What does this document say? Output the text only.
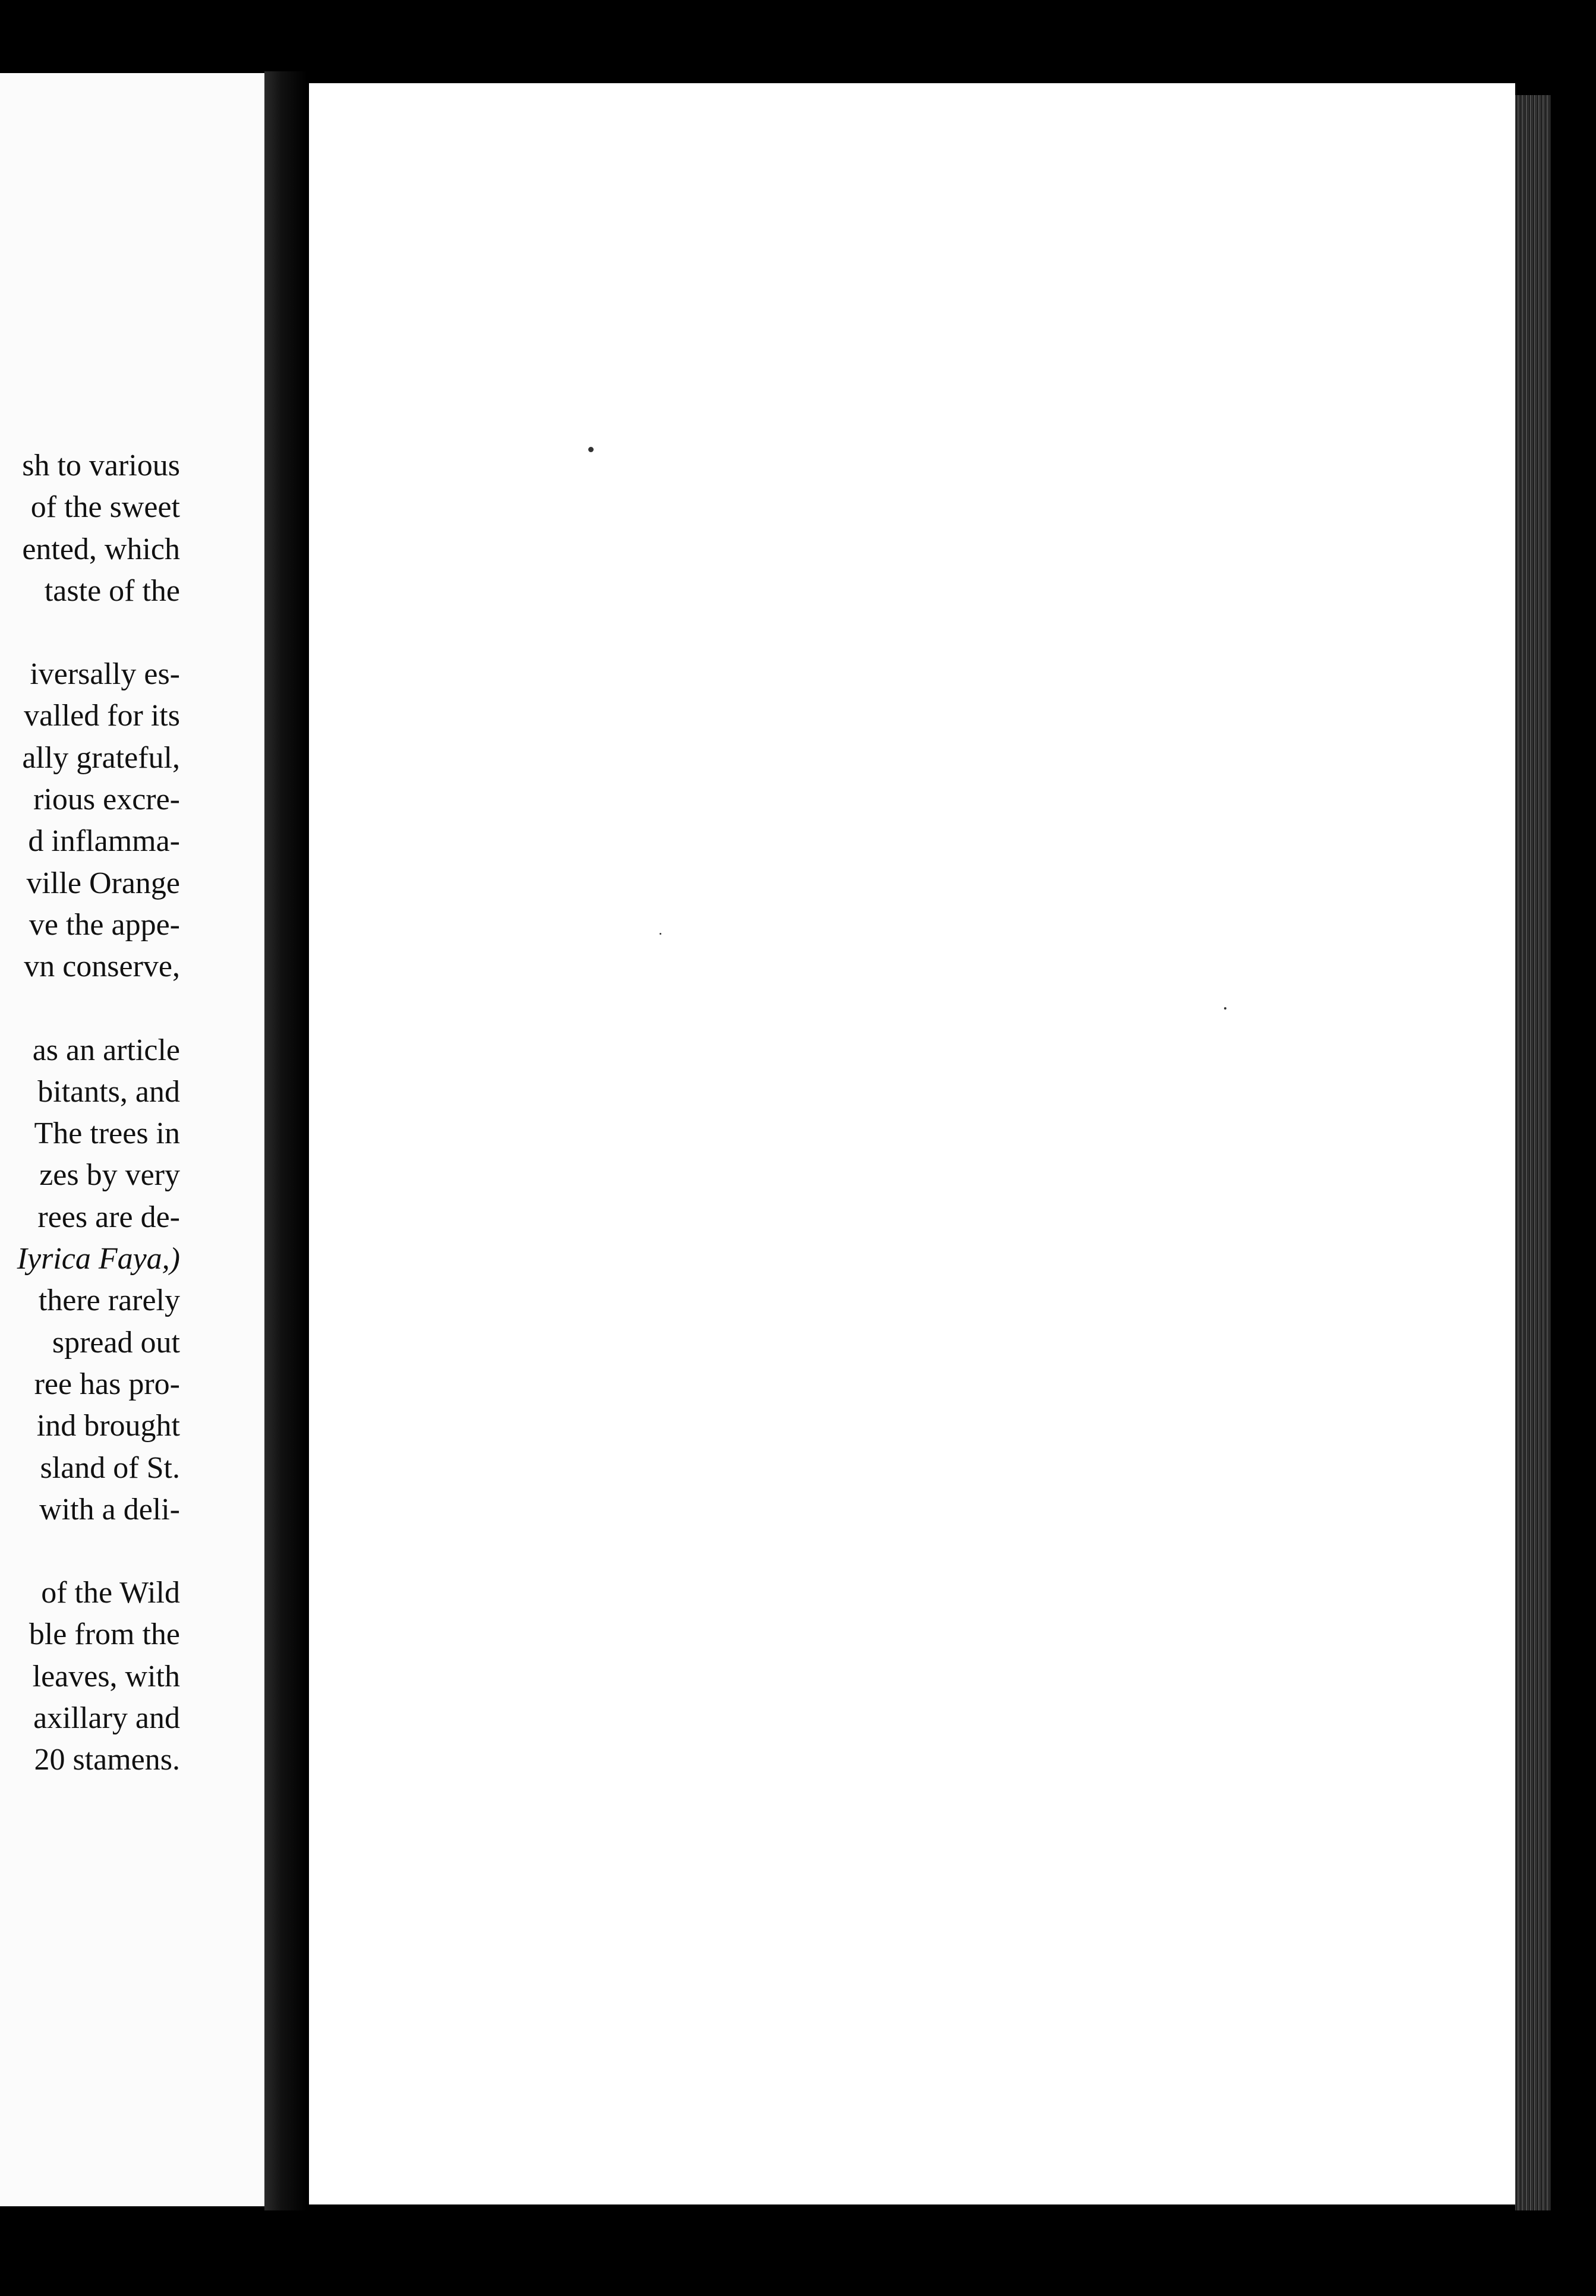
sh to various
of the sweet
ented, which
taste of the
iversally es-
valled for its
ally grateful,
rious excre-
d inflamma-
ville Orange
ve the appe-
vn conserve,
as an article
bitants, and
The trees in
zes by very
rees are de-
Iyrica Faya,)
there rarely
spread out
ree has pro-
ind brought
sland of St.
with a deli-
of the Wild
ble from the
leaves, with
axillary and
20 stamens.
